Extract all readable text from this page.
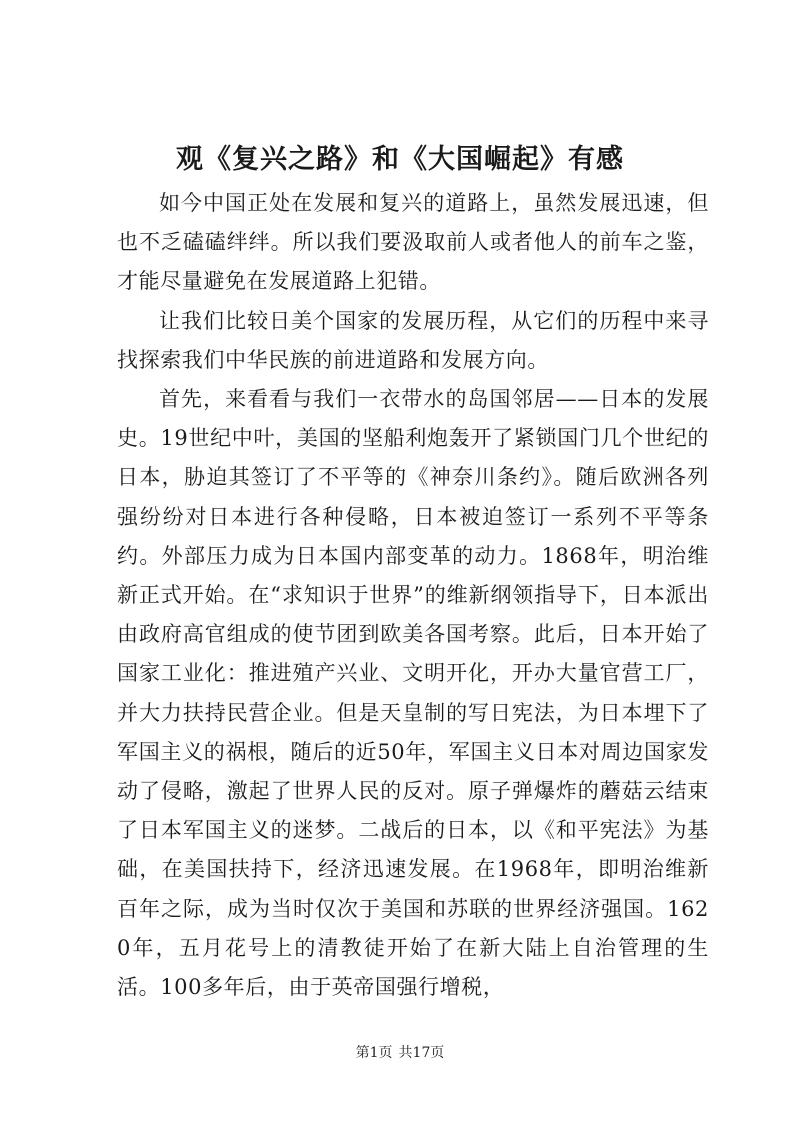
观《复兴之路》和《大国崛起》有感

如今中国正处在发展和复兴的道路上，虽然发展迅速，但也不乏磕磕绊绊。所以我们要汲取前人或者他人的前车之鉴，才能尽量避免在发展道路上犯错。

让我们比较日美个国家的发展历程，从它们的历程中来寻找探索我们中华民族的前进道路和发展方向。

首先，来看看与我们一衣带水的岛国邻居——日本的发展史。19世纪中叶，美国的坚船利炮轰开了紧锁国门几个世纪的日本，胁迫其签订了不平等的《神奈川条约》。随后欧洲各列强纷纷对日本进行各种侵略，日本被迫签订一系列不平等条约。外部压力成为日本国内部变革的动力。1868年，明治维新正式开始。在“求知识于世界”的维新纲领指导下，日本派出由政府高官组成的使节团到欧美各国考察。此后，日本开始了国家工业化：推进殖产兴业、文明开化，开办大量官营工厂，并大力扶持民营企业。但是天皇制的写日宪法，为日本埋下了军国主义的祸根，随后的近50年，军国主义日本对周边国家发动了侵略，激起了世界人民的反对。原子弹爆炸的蘑菇云结束了日本军国主义的迷梦。二战后的日本，以《和平宪法》为基础，在美国扶持下，经济迅速发展。在1968年，即明治维新百年之际，成为当时仅次于美国和苏联的世界经济强国。1620年，五月花号上的清教徒开始了在新大陆上自治管理的生活。100多年后，由于英帝国强行增税，

第1页 共17页
